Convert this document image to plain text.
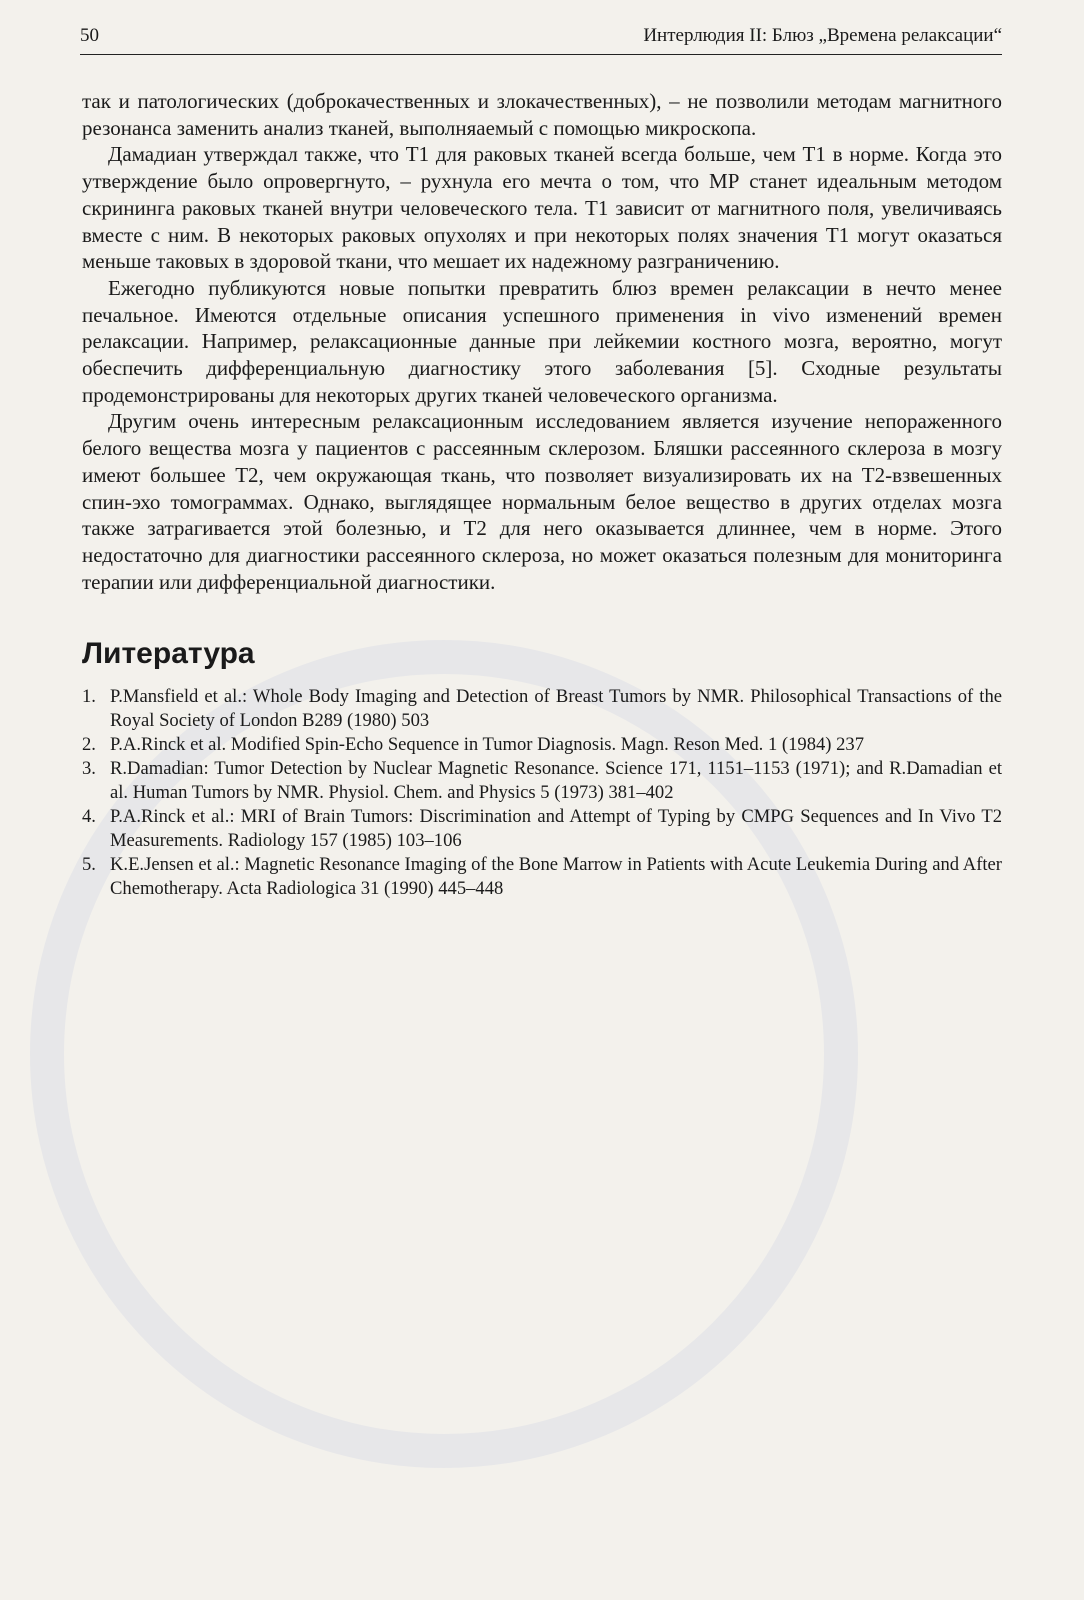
50	Интерлюдия II: Блюз „Времена релаксации“

так и патологических (доброкачественных и злокачественных), – не позволили методам магнитного резонанса заменить анализ тканей, выполняаемый с помощью микроскопа.

Дамадиан утверждал также, что T1 для раковых тканей всегда больше, чем T1 в норме. Когда это утверждение было опровергнуто, – рухнула его мечта о том, что МР станет идеальным методом скрининга раковых тканей внутри человеческого тела. T1 зависит от магнитного поля, увеличиваясь вместе с ним. В некоторых раковых опухолях и при некоторых полях значения T1 могут оказаться меньше таковых в здоровой ткани, что мешает их надежному разграничению.

Ежегодно публикуются новые попытки превратить блюз времен релаксации в нечто менее печальное. Имеются отдельные описания успешного применения in vivo изменений времен релаксации. Например, релаксационные данные при лейкемии костного мозга, вероятно, могут обеспечить дифференциальную диагностику этого заболевания [5]. Сходные результаты продемонстрированы для некоторых других тканей человеческого организма.

Другим очень интересным релаксационным исследованием является изучение непораженного белого вещества мозга у пациентов с рассеянным склерозом. Бляшки рассеянного склероза в мозгу имеют большее T2, чем окружающая ткань, что позволяет визуализировать их на T2-взвешенных спин-эхо томограммах. Однако, выглядящее нормальным белое вещество в других отделах мозга также затрагивается этой болезнью, и T2 для него оказывается длиннее, чем в норме. Этого недостаточно для диагностики рассеянного склероза, но может оказаться полезным для мониторинга терапии или дифференциальной диагностики.

Литература
1. P.Mansfield et al.: Whole Body Imaging and Detection of Breast Tumors by NMR. Philosophical Transactions of the Royal Society of London B289 (1980) 503
2. P.A.Rinck et al. Modified Spin-Echo Sequence in Tumor Diagnosis. Magn. Reson Med. 1 (1984) 237
3. R.Damadian: Tumor Detection by Nuclear Magnetic Resonance. Science 171, 1151–1153 (1971); and R.Damadian et al. Human Tumors by NMR. Physiol. Chem. and Physics 5 (1973) 381–402
4. P.A.Rinck et al.: MRI of Brain Tumors: Discrimination and Attempt of Typing by CMPG Sequences and In Vivo T2 Measurements. Radiology 157 (1985) 103–106
5. K.E.Jensen et al.: Magnetic Resonance Imaging of the Bone Marrow in Patients with Acute Leukemia During and After Chemotherapy. Acta Radiologica 31 (1990) 445–448
